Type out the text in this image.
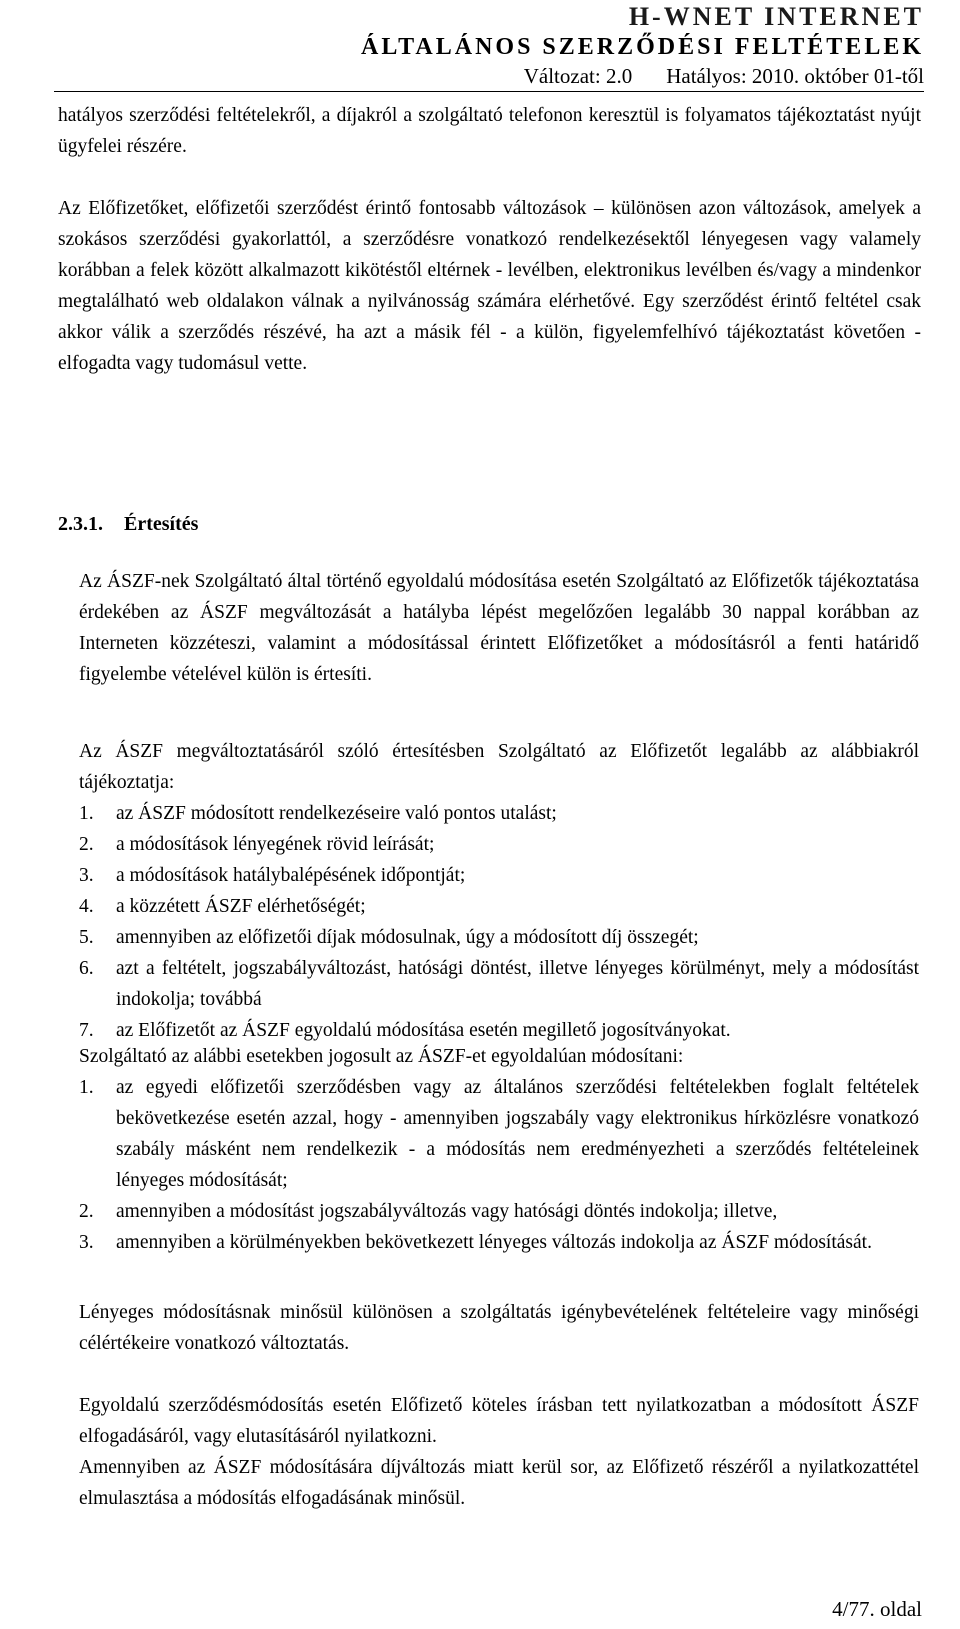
H-WNET INTERNET
ÁLTALÁNOS SZERZŐDÉSI FELTÉTELEK
Változat: 2.0 Hatályos: 2010. október 01-től

hatályos szerződési feltételekről, a díjakról a szolgáltató telefonon keresztül is folyamatos tájékoztatást nyújt ügyfelei részére.

Az Előfizetőket, előfizetői szerződést érintő fontosabb változások – különösen azon változások, amelyek a szokásos szerződési gyakorlattól, a szerződésre vonatkozó rendelkezésektől lényegesen vagy valamely korábban a felek között alkalmazott kikötéstől eltérnek - levélben, elektronikus levélben és/vagy a mindenkor megtalálható web oldalakon válnak a nyilvánosság számára elérhetővé. Egy szerződést érintő feltétel csak akkor válik a szerződés részévé, ha azt a másik fél - a külön, figyelemfelhívó tájékoztatást követően - elfogadta vagy tudomásul vette.

2.3.1. Értesítés

Az ÁSZF-nek Szolgáltató által történő egyoldalú módosítása esetén Szolgáltató az Előfizetők tájékoztatása érdekében az ÁSZF megváltozását a hatályba lépést megelőzően legalább 30 nappal korábban az Interneten közzéteszi, valamint a módosítással érintett Előfizetőket a módosításról a fenti határidő figyelembe vételével külön is értesíti.

Az ÁSZF megváltoztatásáról szóló értesítésben Szolgáltató az Előfizetőt legalább az alábbiakról tájékoztatja:

1. az ÁSZF módosított rendelkezéseire való pontos utalást;
2. a módosítások lényegének rövid leírását;
3. a módosítások hatálybalépésének időpontját;
4. a közzétett ÁSZF elérhetőségét;
5. amennyiben az előfizetői díjak módosulnak, úgy a módosított díj összegét;
6. azt a feltételt, jogszabályváltozást, hatósági döntést, illetve lényeges körülményt, mely a módosítást indokolja; továbbá
7. az Előfizetőt az ÁSZF egyoldalú módosítása esetén megillető jogosítványokat.

Szolgáltató az alábbi esetekben jogosult az ÁSZF-et egyoldalúan módosítani:

1. az egyedi előfizetői szerződésben vagy az általános szerződési feltételekben foglalt feltételek bekövetkezése esetén azzal, hogy - amennyiben jogszabály vagy elektronikus hírközlésre vonatkozó szabály másként nem rendelkezik - a módosítás nem eredményezheti a szerződés feltételeinek lényeges módosítását;
2. amennyiben a módosítást jogszabályváltozás vagy hatósági döntés indokolja; illetve,
3. amennyiben a körülményekben bekövetkezett lényeges változás indokolja az ÁSZF módosítását.

Lényeges módosításnak minősül különösen a szolgáltatás igénybevételének feltételeire vagy minőségi célértékeire vonatkozó változtatás.

Egyoldalú szerződésmódosítás esetén Előfizető köteles írásban tett nyilatkozatban a módosított ÁSZF elfogadásáról, vagy elutasításáról nyilatkozni.

Amennyiben az ÁSZF módosítására díjváltozás miatt kerül sor, az Előfizető részéről a nyilatkozattétel elmulasztása a módosítás elfogadásának minősül.

4/77. oldal
